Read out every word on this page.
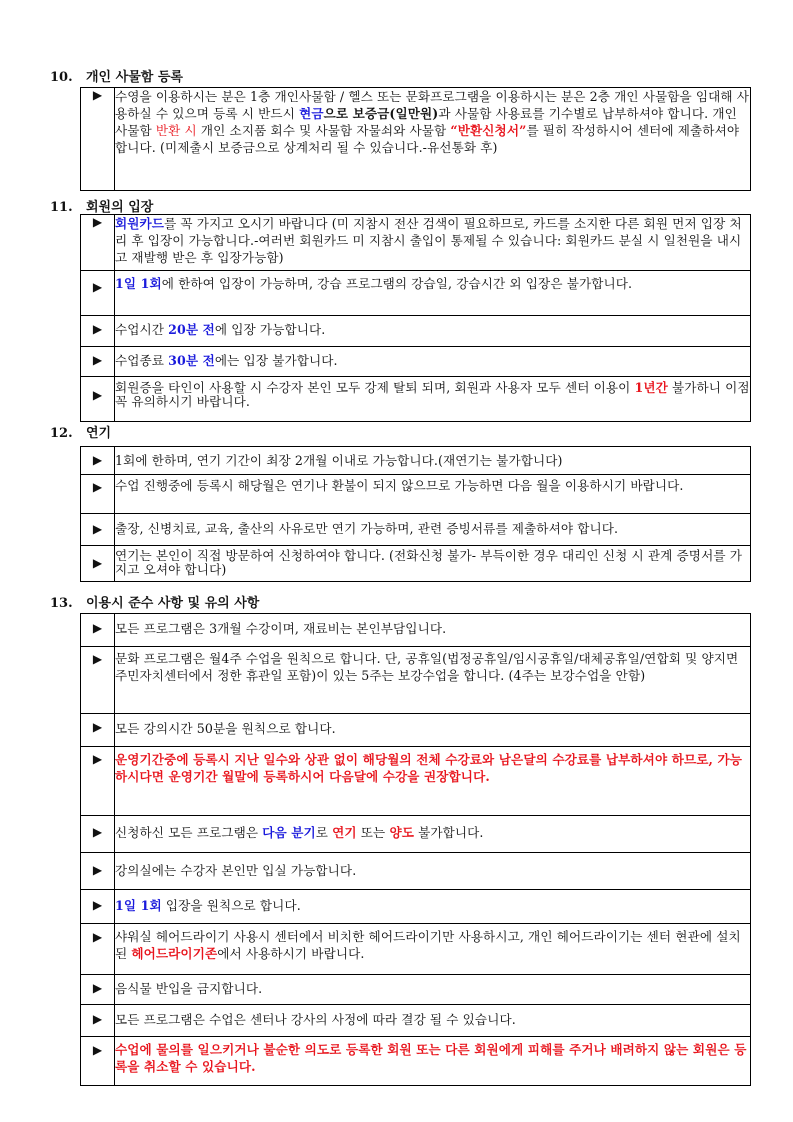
10. 개인 사물함 등록
▶	수영을 이용하시는 분은 1층 개인사물함 / 헬스 또는 문화프로그램을 이용하시는 분은 2층 개인 사물함을 임대해 사용하실 수 있으며 등록 시 반드시 현금으로 보증금(일만원)과 사물함 사용료를 기수별로 납부하셔야 합니다. 개인 사물함 반환 시 개인 소지품 회수 및 사물함 자물쇠와 사물함 “반환신청서”를 필히 작성하시어 센터에 제출하셔야 합니다. (미제출시 보증금으로 상계처리 될 수 있습니다.-유선통화 후)
11. 회원의 입장
▶	회원카드를 꼭 가지고 오시기 바랍니다 (미 지참시 전산 검색이 필요하므로, 카드를 소지한 다른 회원 먼저 입장 처리 후 입장이 가능합니다.-여러번 회원카드 미 지참시 출입이 통제될 수 있습니다: 회원카드 분실 시 일천원을 내시고 재발행 받은 후 입장가능함)
▶	1일 1회에 한하여 입장이 가능하며, 강습 프로그램의 강습일, 강습시간 외 입장은 불가합니다.
▶	수업시간 20분 전에 입장 가능합니다.
▶	수업종료 30분 전에는 입장 불가합니다.
▶	회원증을 타인이 사용할 시 수강자 본인 모두 강제 탈퇴 되며, 회원과 사용자 모두 센터 이용이 1년간 불가하니 이점 꼭 유의하시기 바랍니다.
12. 연기
▶	1회에 한하며, 연기 기간이 최장 2개월 이내로 가능합니다.(재연기는 불가합니다)
▶	수업 진행중에 등록시 해당월은 연기나 환불이 되지 않으므로 가능하면 다음 월을 이용하시기 바랍니다.
▶	출장, 신병치료, 교육, 출산의 사유로만 연기 가능하며, 관련 증빙서류를 제출하셔야 합니다.
▶	연기는 본인이 직접 방문하여 신청하여야 합니다. (전화신청 불가- 부득이한 경우 대리인 신청 시 관계 증명서를 가지고 오셔야 합니다)
13. 이용시 준수 사항 및 유의 사항
▶	모든 프로그램은 3개월 수강이며, 재료비는 본인부담입니다.
▶	문화 프로그램은 월4주 수업을 원칙으로 합니다. 단, 공휴일(법정공휴일/임시공휴일/대체공휴일/연합회 및 양지면주민자치센터에서 정한 휴관일 포함)이 있는 5주는 보강수업을 합니다. (4주는 보강수업을 안함)
▶	모든 강의시간 50분을 원칙으로 합니다.
▶	운영기간중에 등록시 지난 일수와 상관 없이 해당월의 전체 수강료와 남은달의 수강료를 납부하셔야 하므로, 가능하시다면 운영기간 월말에 등록하시어 다음달에 수강을 권장합니다.
▶	신청하신 모든 프로그램은 다음 분기로 연기 또는 양도 불가합니다.
▶	강의실에는 수강자 본인만 입실 가능합니다.
▶	1일 1회 입장을 원칙으로 합니다.
▶	샤워실 헤어드라이기 사용시 센터에서 비치한 헤어드라이기만 사용하시고, 개인 헤어드라이기는 센터 현관에 설치된 헤어드라이기존에서 사용하시기 바랍니다.
▶	음식물 반입을 금지합니다.
▶	모든 프로그램은 수업은 센터나 강사의 사정에 따라 결강 될 수 있습니다.
▶	수업에 물의를 일으키거나 불순한 의도로 등록한 회원 또는 다른 회원에게 피해를 주거나 배려하지 않는 회원은 등록을 취소할 수 있습니다.
